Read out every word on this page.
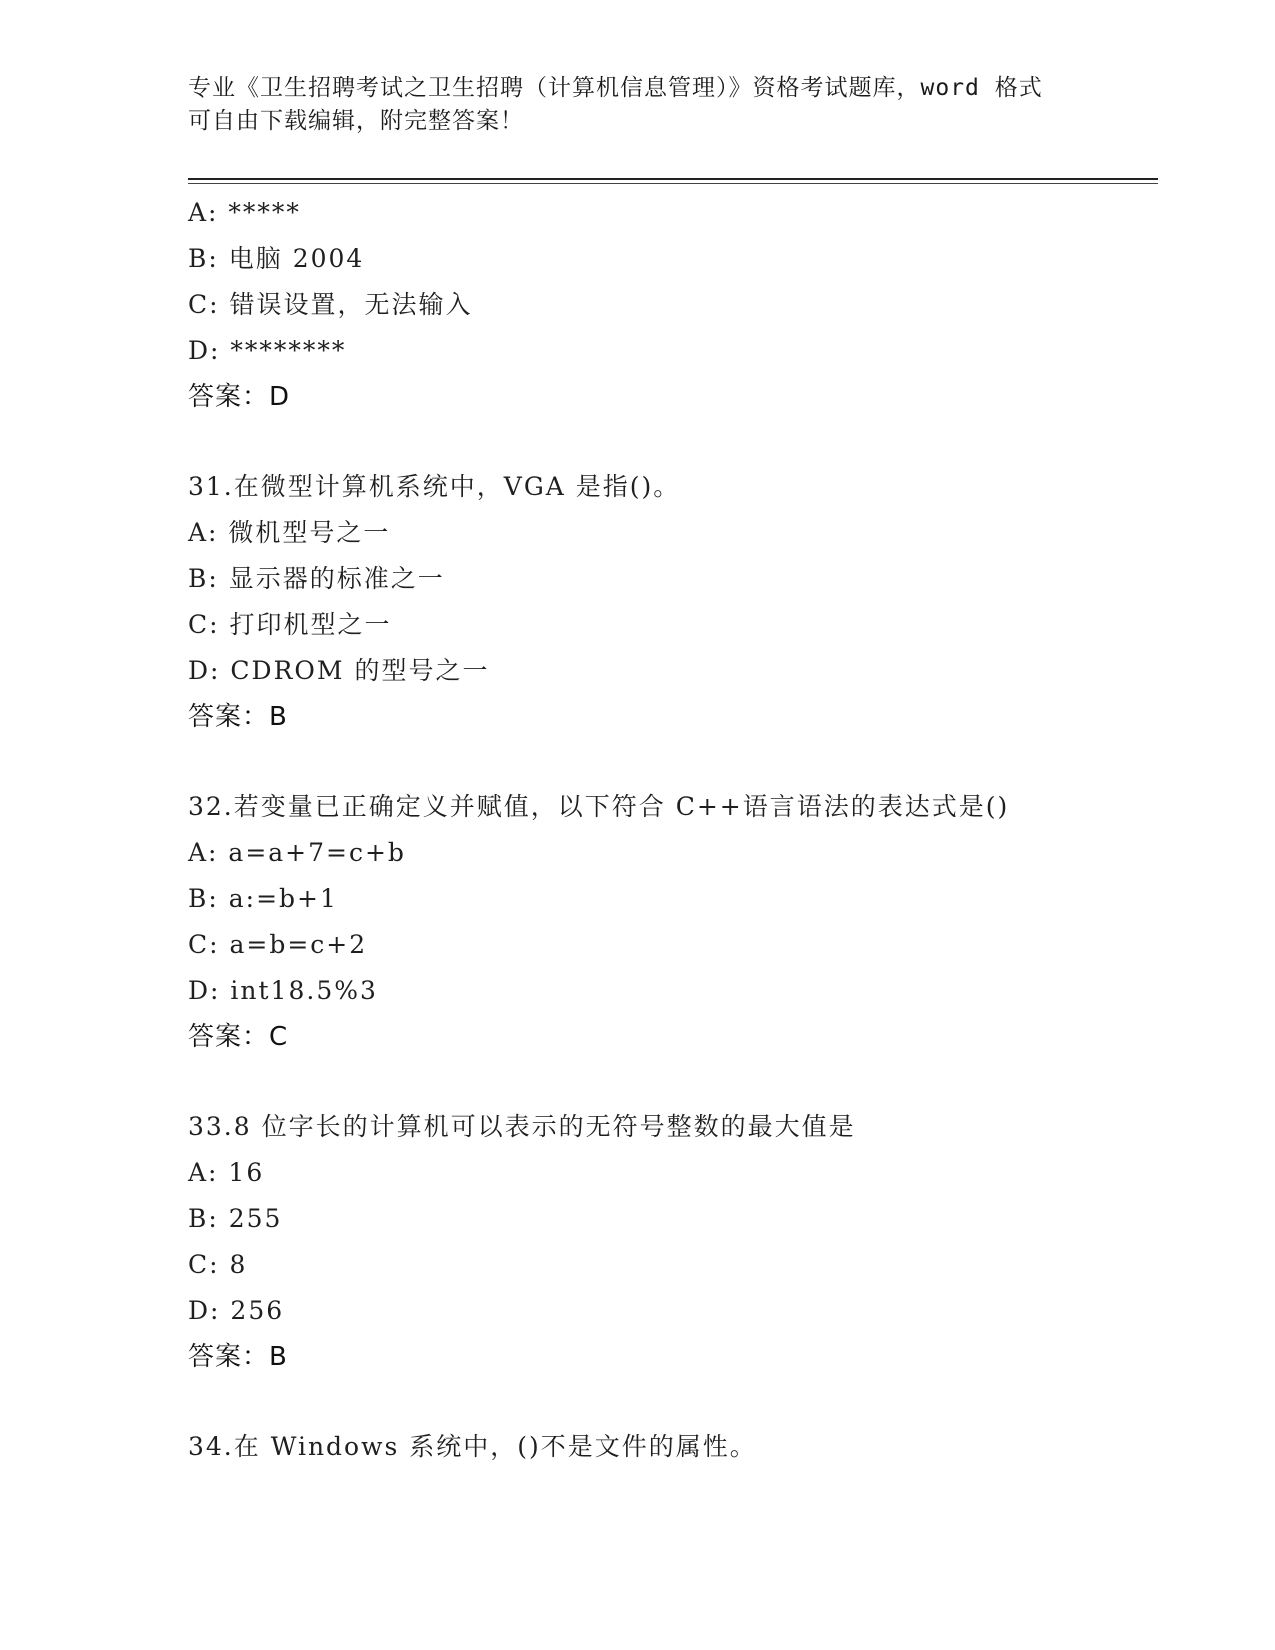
专业《卫生招聘考试之卫生招聘（计算机信息管理）》资格考试题库，word 格式
可自由下载编辑，附完整答案！
A: *****
B: 电脑 2004
C: 错误设置，无法输入
D: ********
答案：D
31.在微型计算机系统中，VGA 是指()。
A: 微机型号之一
B: 显示器的标准之一
C: 打印机型之一
D: CDROM 的型号之一
答案：B
32.若变量已正确定义并赋值，以下符合 C++语言语法的表达式是()
A: a=a+7=c+b
B: a:=b+1
C: a=b=c+2
D: int18.5%3
答案：C
33.8 位字长的计算机可以表示的无符号整数的最大值是
A: 16
B: 255
C: 8
D: 256
答案：B
34.在 Windows 系统中，()不是文件的属性。
